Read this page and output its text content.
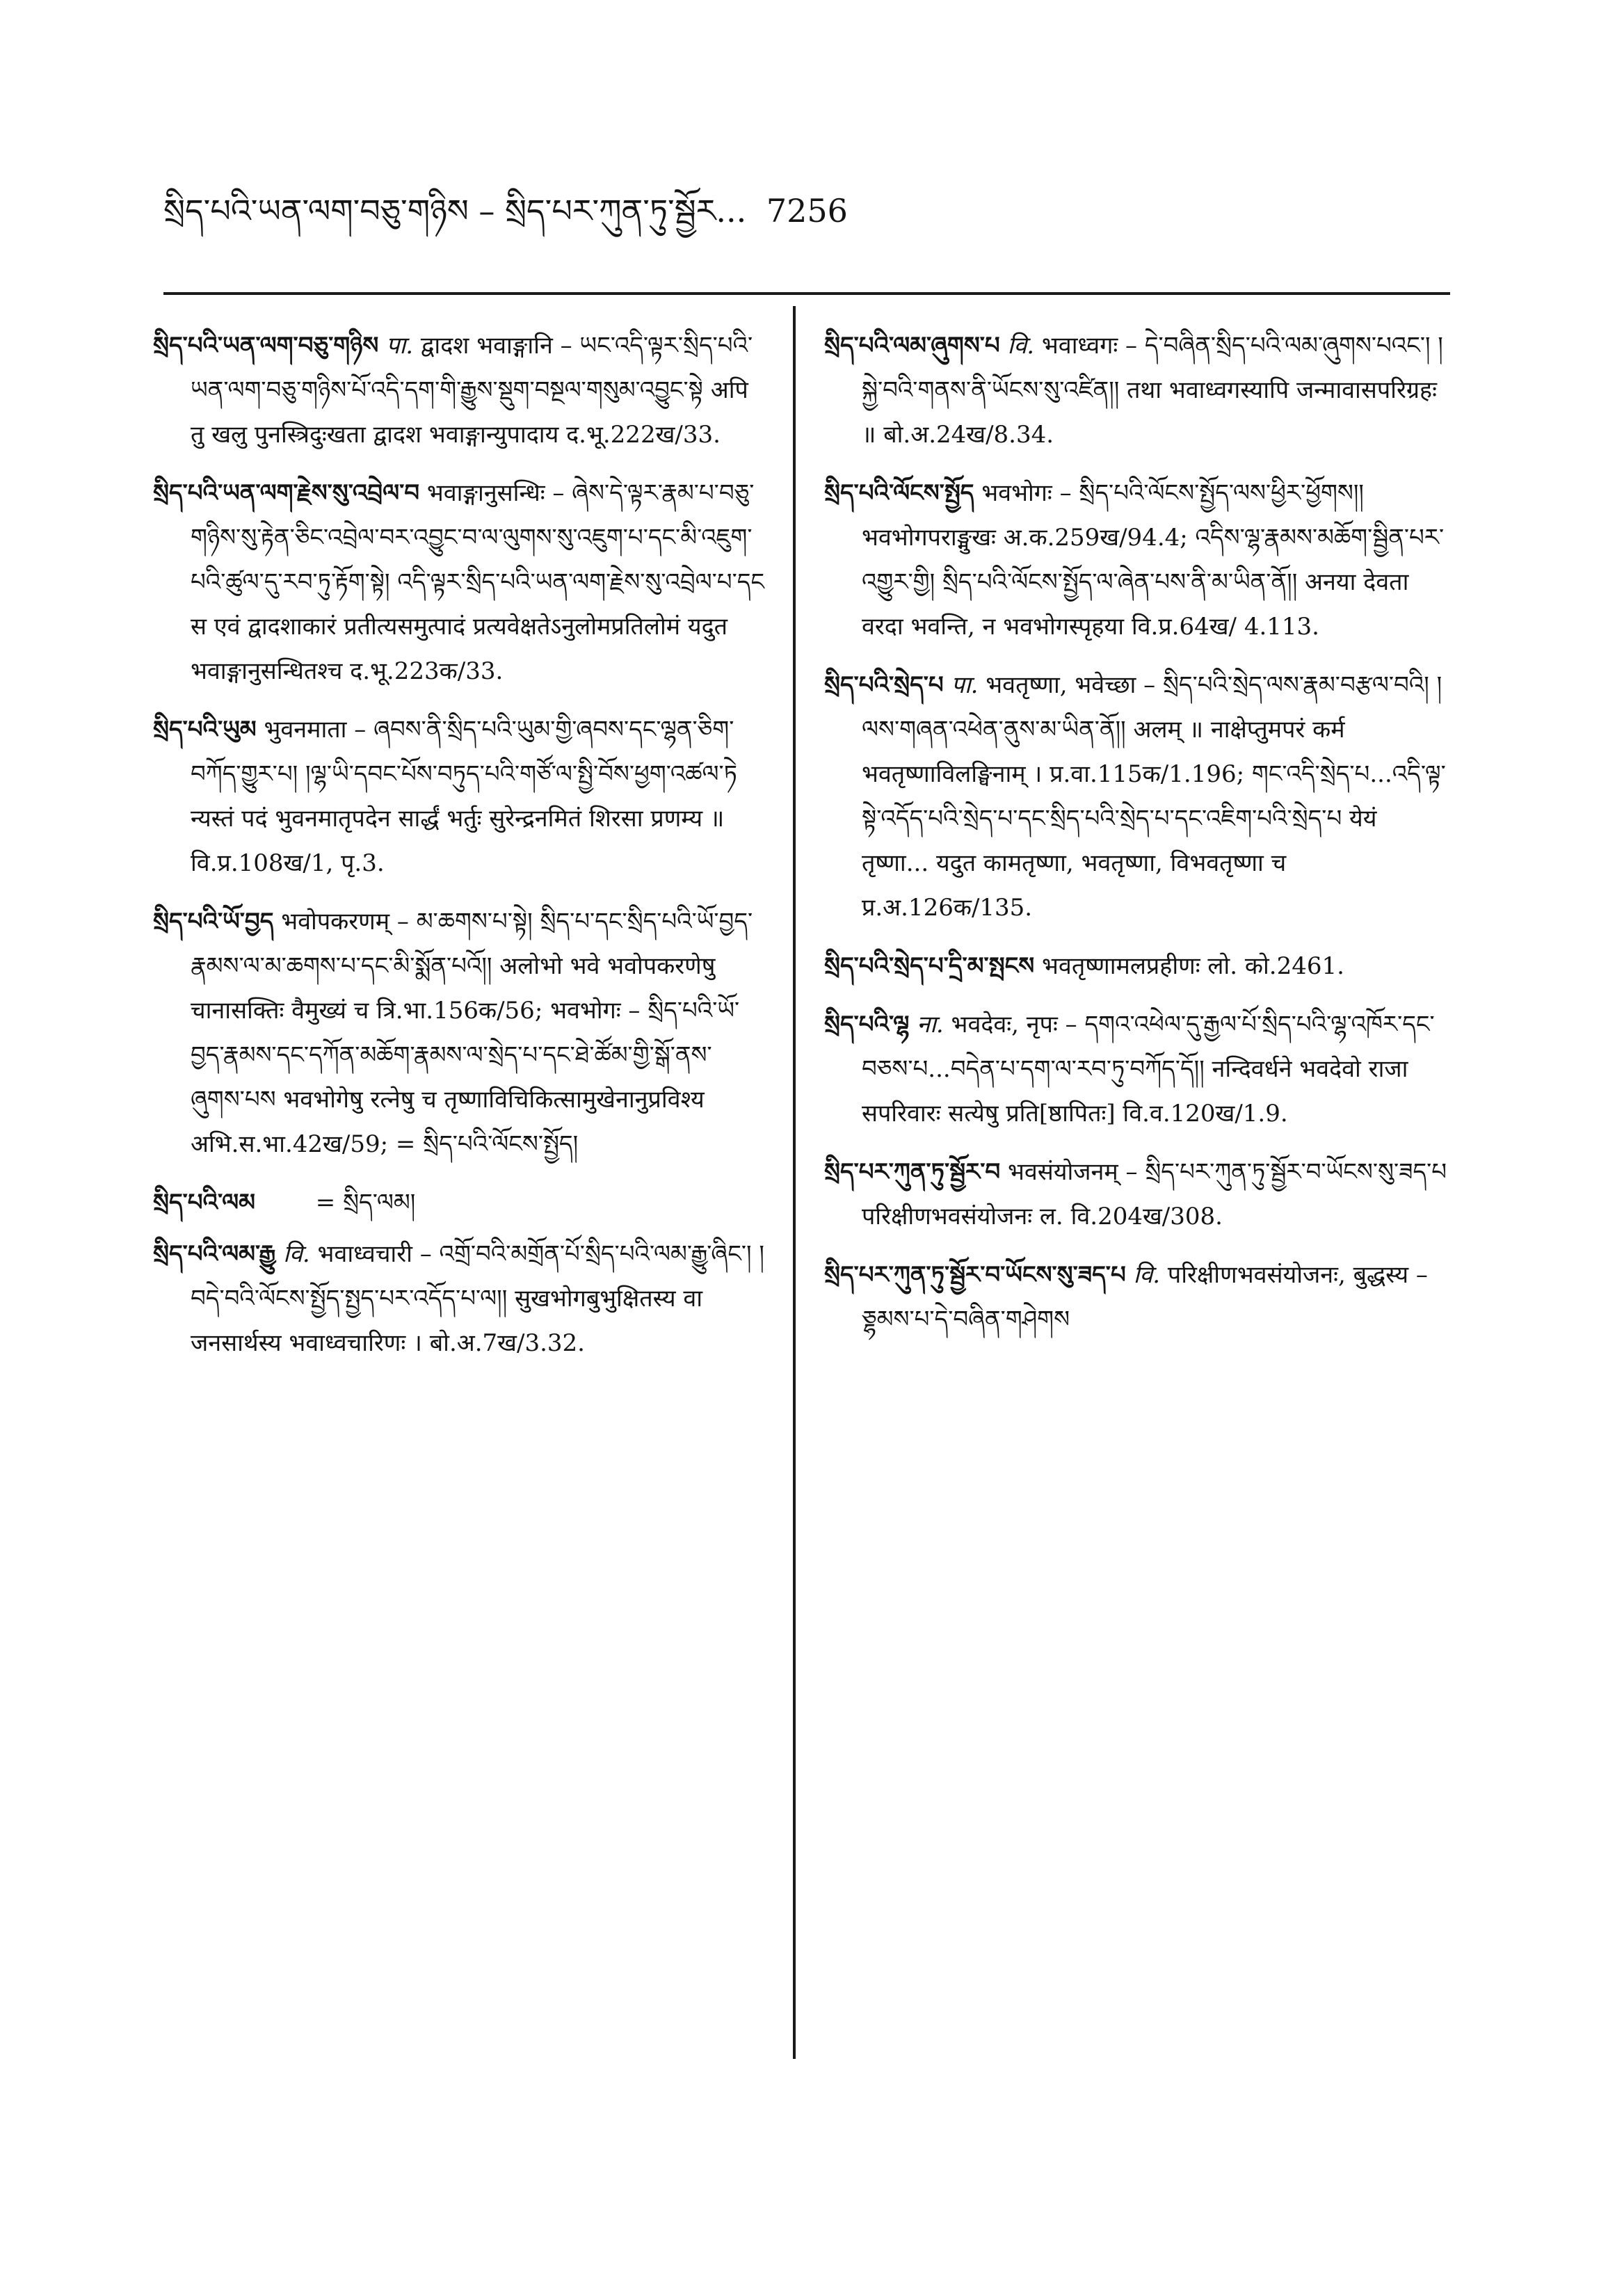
སྲིད་པའི་ཡན་ལག་བཅུ་གཉིས – སྲིད་པར་ཀུན་ཏུ་སྦྱོར... 7256

སྲིད་པའི་ཡན་ལག་བཅུ་གཉིས पा. द्वादश भवाङ्गानि – ཡང་འདི་ལྟར་སྲིད་པའི་ཡན་ལག་བཅུ་གཉིས་པོ་འདི་དག་གི་རྒྱུས་སྡུག་བསྔལ་གསུམ་འབྱུང་སྟེ अपि तु खलु पुनस्त्रिदुःखता द्वादश भवाङ्गान्युपादाय द.भू.222ख/33.

སྲིད་པའི་ཡན་ལག་རྗེས་སུ་འབྲེལ་བ भवाङ्गानुसन्धिः – ཞེས་དེ་ལྟར་རྣམ་པ་བཅུ་གཉིས་སུ་རྟེན་ཅིང་འབྲེལ་བར་འབྱུང་བ་ལ་ལུགས་སུ་འཇུག་པ་དང་མི་འཇུག་པའི་ཚུལ་དུ་རབ་ཏུ་རྟོག་སྟེ། འདི་ལྟར་སྲིད་པའི་ཡན་ལག་རྗེས་སུ་འབྲེལ་པ་དང स एवं द्वादशाकारं प्रतीत्यसमुत्पादं प्रत्यवेक्षतेऽनुलोमप्रतिलोमं यदुत भवाङ्गानुसन्धितश्च द.भू.223क/33.

སྲིད་པའི་ཡུམ भुवनमाता – ཞབས་ནི་སྲིད་པའི་ཡུམ་གྱི་ཞབས་དང་ལྷན་ཅིག་བཀོད་གྱུར་པ། །ལྷ་ཡི་དབང་པོས་བཏུད་པའི་གཙོ་ལ་སྤྱི་བོས་ཕྱག་འཚལ་ཏེ न्यस्तं पदं भुवनमातृपदेन सार्द्धं भर्तुः सुरेन्द्रनमितं शिरसा प्रणम्य ॥ वि.प्र.108ख/1, पृ.3.

སྲིད་པའི་ཡོ་བྱད भवोपकरणम् – མ་ཆགས་པ་སྟེ། སྲིད་པ་དང་སྲིད་པའི་ཡོ་བྱད་རྣམས་ལ་མ་ཆགས་པ་དང་མི་སྨོན་པའོ།། अलोभो भवे भवोपकरणेषु चानासक्तिः वैमुख्यं च त्रि.भा.156क/56; भवभोगः – སྲིད་པའི་ཡོ་བྱད་རྣམས་དང་དཀོན་མཆོག་རྣམས་ལ་སྲེད་པ་དང་ཐེ་ཚོམ་གྱི་སྒོ་ནས་ཞུགས་པས भवभोगेषु रत्नेषु च तृष्णाविचिकित्सामुखेनानुप्रविश्य अभि.स.भा.42ख/59; = སྲིད་པའི་ལོངས་སྤྱོད།

སྲིད་པའི་ལམ	= སྲིད་ལམ།

སྲིད་པའི་ལམ་རྒྱུ वि. भवाध्वचारी – འགྲོ་བའི་མགྲོན་པོ་སྲིད་པའི་ལམ་རྒྱུ་ཞིང་། །བདེ་བའི་ལོངས་སྤྱོད་སྤྱད་པར་འདོད་པ་ལ།། सुखभोगबुभुक्षितस्य वा जनसार्थस्य भवाध्वचारिणः । बो.अ.7ख/3.32.

སྲིད་པའི་ལམ་ཞུགས་པ वि. भवाध्वगः – དེ་བཞིན་སྲིད་པའི་ལམ་ཞུགས་པའང་། །སྐྱེ་བའི་གནས་ནི་ཡོངས་སུ་འཛིན།། तथा भवाध्वगस्यापि जन्मावासपरिग्रहः ॥ बो.अ.24ख/8.34.

སྲིད་པའི་ལོངས་སྤྱོད भवभोगः – སྲིད་པའི་ལོངས་སྤྱོད་ལས་ཕྱིར་ཕྱོགས།། भवभोगपराङ्मुखः अ.क.259ख/94.4; འདིས་ལྷ་རྣམས་མཆོག་སྦྱིན་པར་འགྱུར་གྱི། སྲིད་པའི་ལོངས་སྤྱོད་ལ་ཞེན་པས་ནི་མ་ཡིན་ནོ།། अनया देवता वरदा भवन्ति, न भवभोगस्पृहया वि.प्र.64ख/ 4.113.

སྲིད་པའི་སྲེད་པ पा. भवतृष्णा, भवेच्छा – སྲིད་པའི་སྲེད་ལས་རྣམ་བརྩལ་བའི། །ལས་གཞན་འཕེན་ནུས་མ་ཡིན་ནོ།། अलम् ॥ नाक्षेप्तुमपरं कर्म भवतृष्णाविलङ्घिनाम् । प्र.वा.115क/1.196; གང་འདི་སྲེད་པ...འདི་ལྟ་སྟེ་འདོད་པའི་སྲེད་པ་དང་སྲིད་པའི་སྲེད་པ་དང་འཇིག་པའི་སྲེད་པ येयं तृष्णा... यदुत कामतृष्णा, भवतृष्णा, विभवतृष्णा च प्र.अ.126क/135.

སྲིད་པའི་སྲེད་པ་དྲི་མ་སྤངས भवतृष्णामलप्रहीणः लो. को.2461.

སྲིད་པའི་ལྷ ना. भवदेवः, नृपः – དགའ་འཕེལ་དུ་རྒྱལ་པོ་སྲིད་པའི་ལྷ་འཁོར་དང་བཅས་པ...བདེན་པ་དག་ལ་རབ་ཏུ་བཀོད་དོ།། नन्दिवर्धने भवदेवो राजा सपरिवारः सत्येषु प्रति[ष्ठापितः] वि.व.120ख/1.9.

སྲིད་པར་ཀུན་ཏུ་སྦྱོར་བ भवसंयोजनम् – སྲིད་པར་ཀུན་ཏུ་སྦྱོར་བ་ཡོངས་སུ་ཟད་པ परिक्षीणभवसंयोजनः ल. वि.204ख/308.

སྲིད་པར་ཀུན་ཏུ་སྦྱོར་བ་ཡོངས་སུ་ཟད་པ वि. परिक्षीणभवसंयोजनः, बुद्धस्य – ཅྷམས་པ་དེ་བཞིན་གཤེགས
